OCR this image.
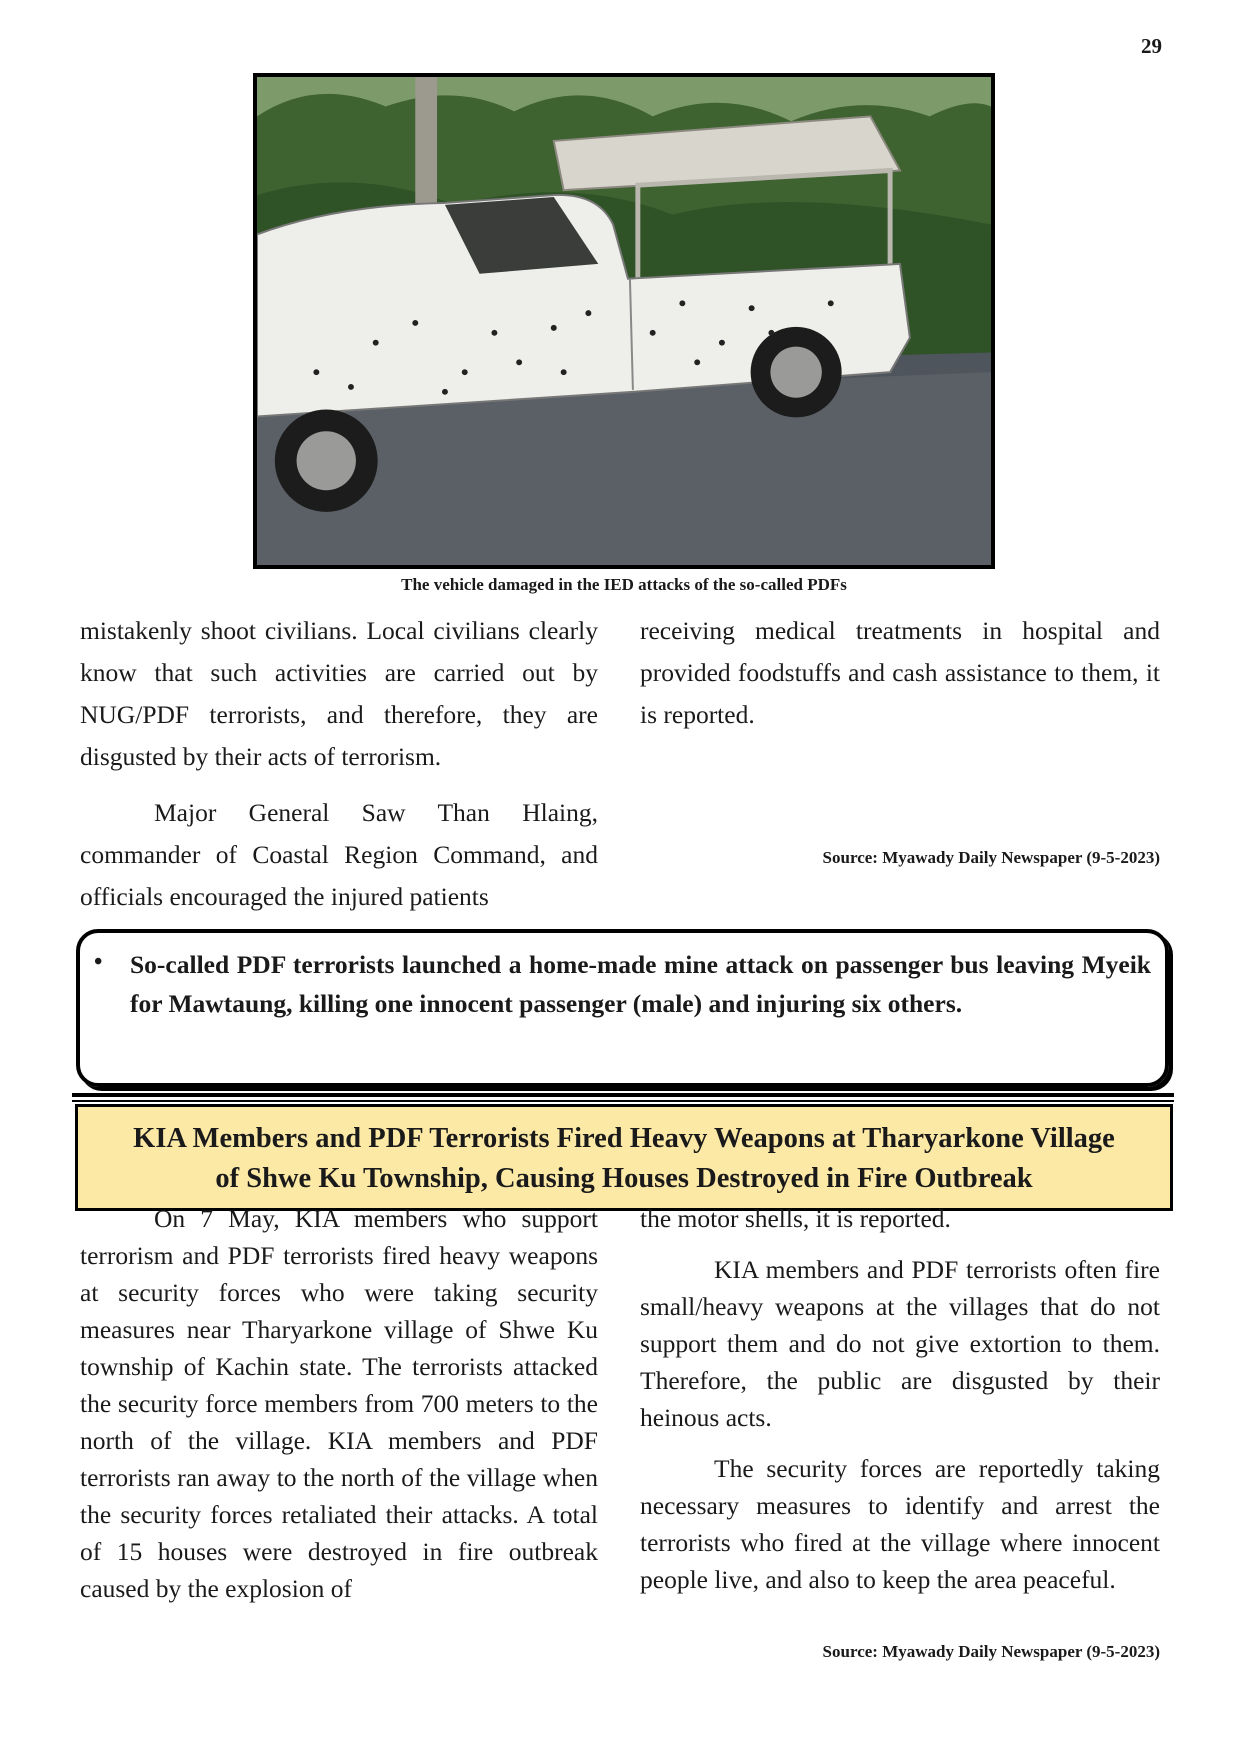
29
The vehicle damaged in the IED attacks of the so-called PDFs

mistakenly shoot civilians. Local civilians clearly know that such activities are carried out by NUG/PDF terrorists, and therefore, they are disgusted by their acts of terrorism.

Major General Saw Than Hlaing, commander of Coastal Region Command, and officials encouraged the injured patients

receiving medical treatments in hospital and provided foodstuffs and cash assistance to them, it is reported.

Source: Myawady Daily Newspaper (9-5-2023)
• So-called PDF terrorists launched a home-made mine attack on passenger bus leaving Myeik for Mawtaung, killing one innocent passenger (male) and injuring six others.
KIA Members and PDF Terrorists Fired Heavy Weapons at Tharyarkone Village
of Shwe Ku Township, Causing Houses Destroyed in Fire Outbreak

On 7 May, KIA members who support terrorism and PDF terrorists fired heavy weapons at security forces who were taking security measures near Tharyarkone village of Shwe Ku township of Kachin state. The terrorists attacked the security force members from 700 meters to the north of the village. KIA members and PDF terrorists ran away to the north of the village when the security forces retaliated their attacks. A total of 15 houses were destroyed in fire outbreak caused by the explosion of

the motor shells, it is reported.

KIA members and PDF terrorists often fire small/heavy weapons at the villages that do not support them and do not give extortion to them. Therefore, the public are disgusted by their heinous acts.

The security forces are reportedly taking necessary measures to identify and arrest the terrorists who fired at the village where innocent people live, and also to keep the area peaceful.

Source: Myawady Daily Newspaper (9-5-2023)
